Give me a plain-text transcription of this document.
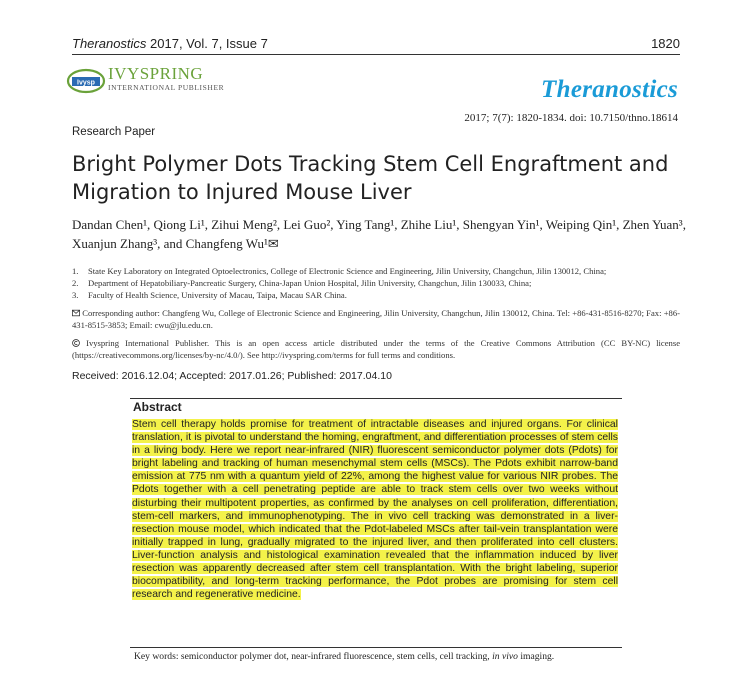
Theranostics 2017, Vol. 7, Issue 7	1820
Ivysp
IVYSPRING
INTERNATIONAL PUBLISHER	Theranostics
2017; 7(7): 1820-1834. doi: 10.7150/thno.18614
Research Paper
Bright Polymer Dots Tracking Stem Cell Engraftment and Migration to Injured Mouse Liver
Dandan Chen¹, Qiong Li¹, Zihui Meng², Lei Guo², Ying Tang¹, Zhihe Liu¹, Shengyan Yin¹, Weiping Qin¹, Zhen Yuan³, Xuanjun Zhang³, and Changfeng Wu¹✉
1.	State Key Laboratory on Integrated Optoelectronics, College of Electronic Science and Engineering, Jilin University, Changchun, Jilin 130012, China;
2.	Department of Hepatobiliary-Pancreatic Surgery, China-Japan Union Hospital, Jilin University, Changchun, Jilin 130033, China;
3.	Faculty of Health Science, University of Macau, Taipa, Macau SAR China.
Corresponding author: Changfeng Wu, College of Electronic Science and Engineering, Jilin University, Changchun, Jilin 130012, China. Tel: +86-431-8516-8270; Fax: +86-431-8515-3853; Email: cwu@jlu.edu.cn.
Ivyspring International Publisher. This is an open access article distributed under the terms of the Creative Commons Attribution (CC BY-NC) license (https://creativecommons.org/licenses/by-nc/4.0/). See http://ivyspring.com/terms for full terms and conditions.
Received: 2016.12.04; Accepted: 2017.01.26; Published: 2017.04.10
Abstract

Stem cell therapy holds promise for treatment of intractable diseases and injured organs. For clinical translation, it is pivotal to understand the homing, engraftment, and differentiation processes of stem cells in a living body. Here we report near-infrared (NIR) fluorescent semiconductor polymer dots (Pdots) for bright labeling and tracking of human mesenchymal stem cells (MSCs). The Pdots exhibit narrow-band emission at 775 nm with a quantum yield of 22%, among the highest value for various NIR probes. The Pdots together with a cell penetrating peptide are able to track stem cells over two weeks without disturbing their multipotent properties, as confirmed by the analyses on cell proliferation, differentiation, stem-cell markers, and immunophenotyping. The in vivo cell tracking was demonstrated in a liver-resection mouse model, which indicated that the Pdot-labeled MSCs after tail-vein transplantation were initially trapped in lung, gradually migrated to the injured liver, and then proliferated into cell clusters. Liver-function analysis and histological examination revealed that the inflammation induced by liver resection was apparently decreased after stem cell transplantation. With the bright labeling, superior biocompatibility, and long-term tracking performance, the Pdot probes are promising for stem cell research and regenerative medicine.

Key words: semiconductor polymer dot, near-infrared fluorescence, stem cells, cell tracking, in vivo imaging.
